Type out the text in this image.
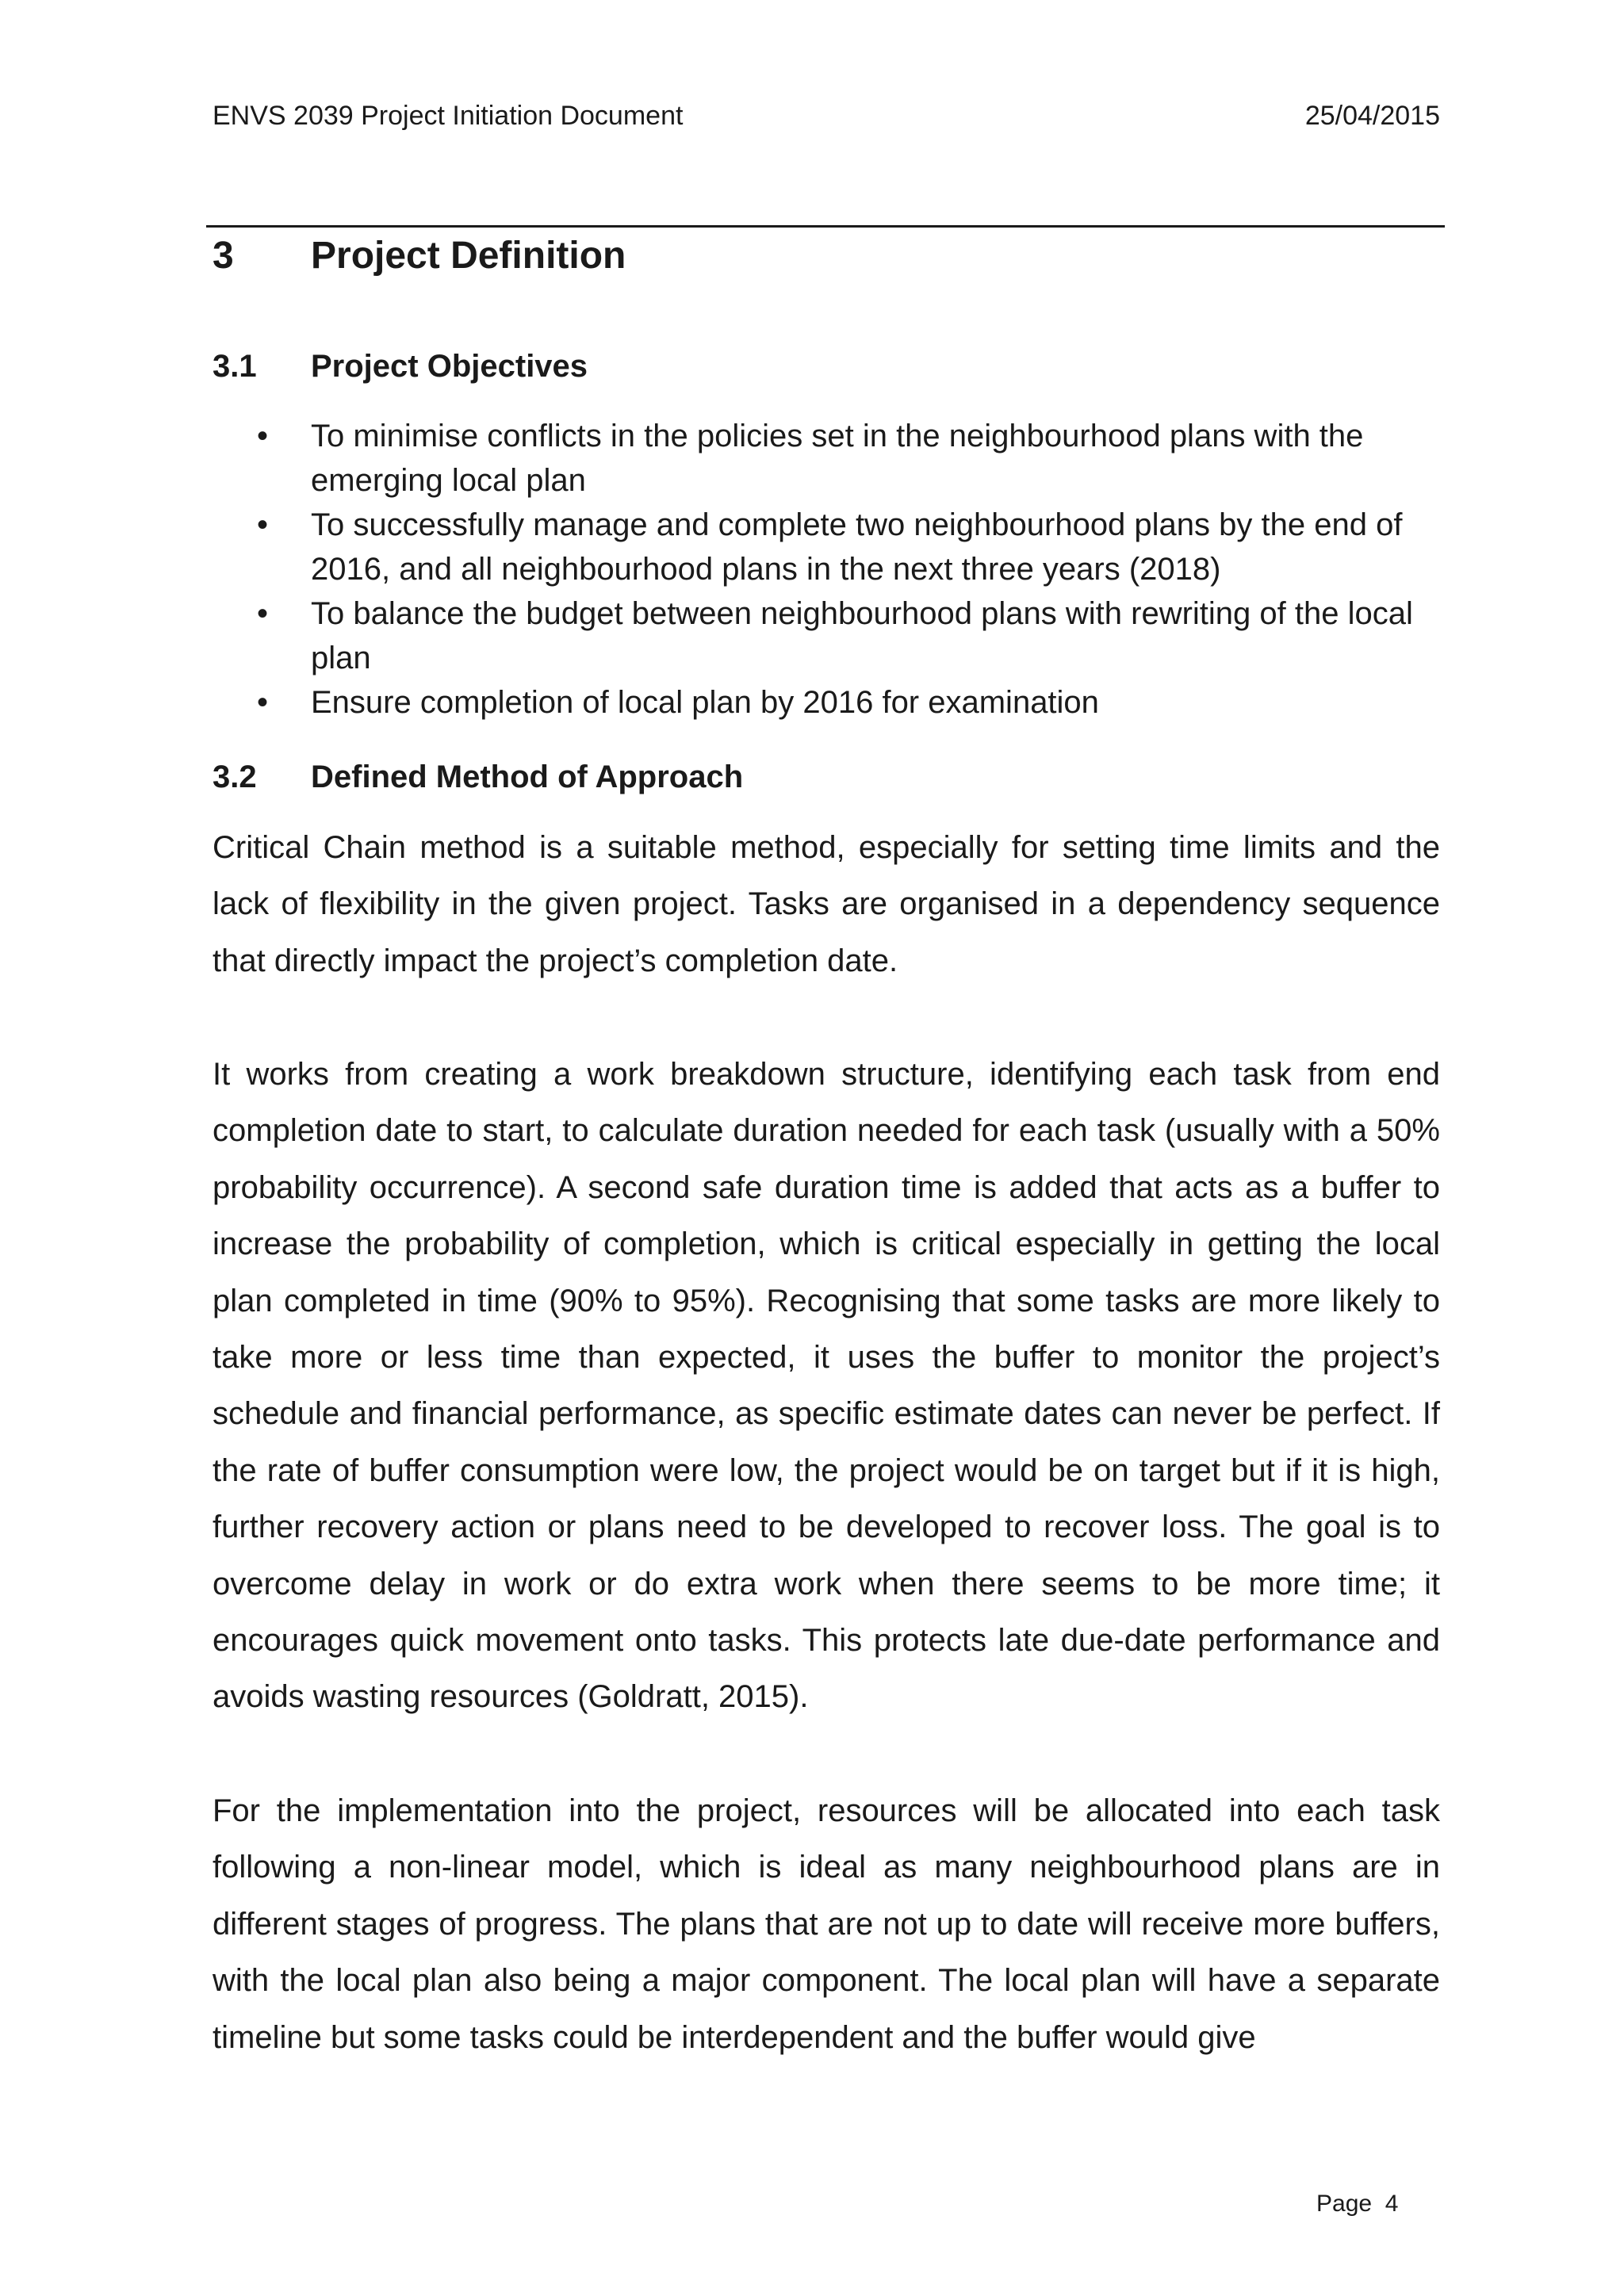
ENVS 2039 Project Initiation Document	25/04/2015
3 Project Definition
3.1 Project Objectives
• To minimise conflicts in the policies set in the neighbourhood plans with the emerging local plan
• To successfully manage and complete two neighbourhood plans by the end of 2016, and all neighbourhood plans in the next three years (2018)
• To balance the budget between neighbourhood plans with rewriting of the local plan
• Ensure completion of local plan by 2016 for examination
3.2 Defined Method of Approach

Critical Chain method is a suitable method, especially for setting time limits and the lack of flexibility in the given project. Tasks are organised in a dependency sequence that directly impact the project’s completion date.

It works from creating a work breakdown structure, identifying each task from end completion date to start, to calculate duration needed for each task (usually with a 50% probability occurrence). A second safe duration time is added that acts as a buffer to increase the probability of completion, which is critical especially in getting the local plan completed in time (90% to 95%). Recognising that some tasks are more likely to take more or less time than expected, it uses the buffer to monitor the project’s schedule and financial performance, as specific estimate dates can never be perfect. If the rate of buffer consumption were low, the project would be on target but if it is high, further recovery action or plans need to be developed to recover loss. The goal is to overcome delay in work or do extra work when there seems to be more time; it encourages quick movement onto tasks. This protects late due-date performance and avoids wasting resources (Goldratt, 2015).

For the implementation into the project, resources will be allocated into each task following a non-linear model, which is ideal as many neighbourhood plans are in different stages of progress. The plans that are not up to date will receive more buffers, with the local plan also being a major component. The local plan will have a separate timeline but some tasks could be interdependent and the buffer would give

Page  4
